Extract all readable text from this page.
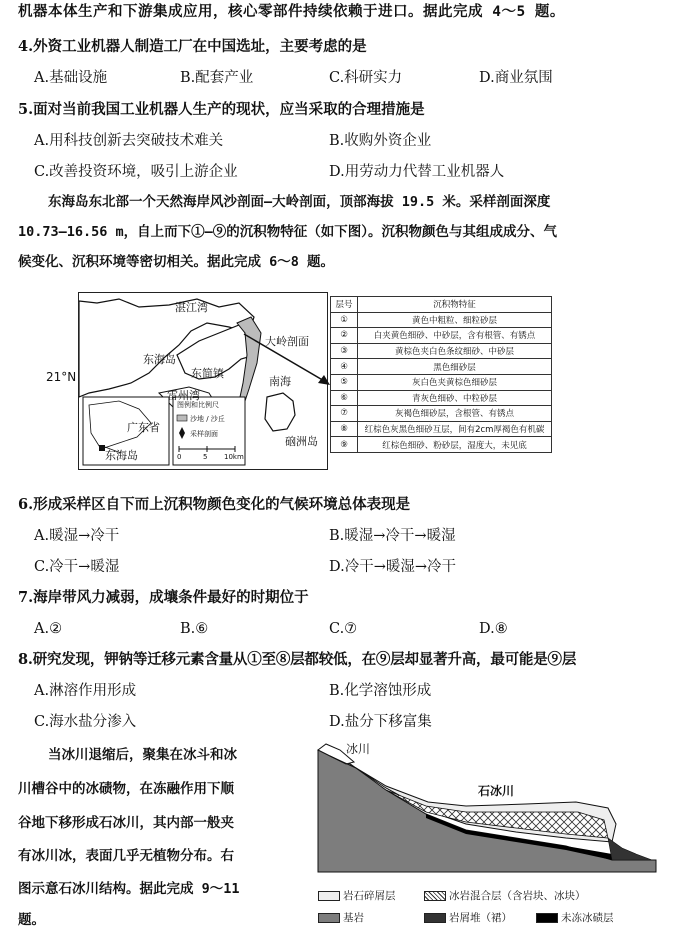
机器本体生产和下游集成应用，核心零部件持续依赖于进口。据此完成 4～5 题。
4.外资工业机器人制造工厂在中国选址，主要考虑的是
A.基础设施	B.配套产业	C.科研实力	D.商业氛围
5.面对当前我国工业机器人生产的现状，应当采取的合理措施是
A.用科技创新去突破技术难关	B.收购外资企业
C.改善投资环境，吸引上游企业	D.用劳动力代替工业机器人
东海岛东北部一个天然海岸风沙剖面—大岭剖面，顶部海拔 19.5 米。采样剖面深度
10.73—16.56 m，自上而下①—⑨的沉积物特征（如下图）。沉积物颜色与其组成成分、气
候变化、沉积环境等密切相关。据此完成 6～8 题。
湛江湾
东海岛
东简镇
雷州湾
大岭剖面
南海
硇洲岛
广东省
东海岛
图例和比例尺
沙地 / 沙丘
采样剖面
0	5 10km
21°N
层号	沉积物特征
①	黄色中粗粒、细粒砂层
②	白夹黄色细砂、中砂层，含有根管、有锈点
③	黄棕色夹白色条纹细砂、中砂层
④	黑色细砂层
⑤	灰白色夹黄棕色细砂层
⑥	青灰色细砂、中粒砂层
⑦	灰褐色细砂层，含根管、有锈点
⑧	红棕色灰黑色细砂互层，间有2cm厚褐色有机碳
⑨	红棕色细砂、粉砂层，湿度大，未见底
6.形成采样区自下而上沉积物颜色变化的气候环境总体表现是
A.暖湿→冷干	B.暖湿→冷干→暖湿
C.冷干→暖湿	D.冷干→暖湿→冷干
7.海岸带风力减弱，成壤条件最好的时期位于
A.②	B.⑥	C.⑦	D.⑧
8.研究发现，钾钠等迁移元素含量从①至⑧层都较低，在⑨层却显著升高，最可能是⑨层
A.淋溶作用形成	B.化学溶蚀形成
C.海水盐分渗入	D.盐分下移富集
当冰川退缩后，聚集在冰斗和冰
川槽谷中的冰碛物，在冻融作用下顺
谷地下移形成石冰川，其内部一般夹
有冰川冰，表面几乎无植物分布。右
图示意石冰川结构。据此完成 9～11
题。
冰川
石冰川
岩石碎屑层	冰岩混合层（含岩块、冰块）
基岩	岩屑堆（裙）	未冻冰碛层
